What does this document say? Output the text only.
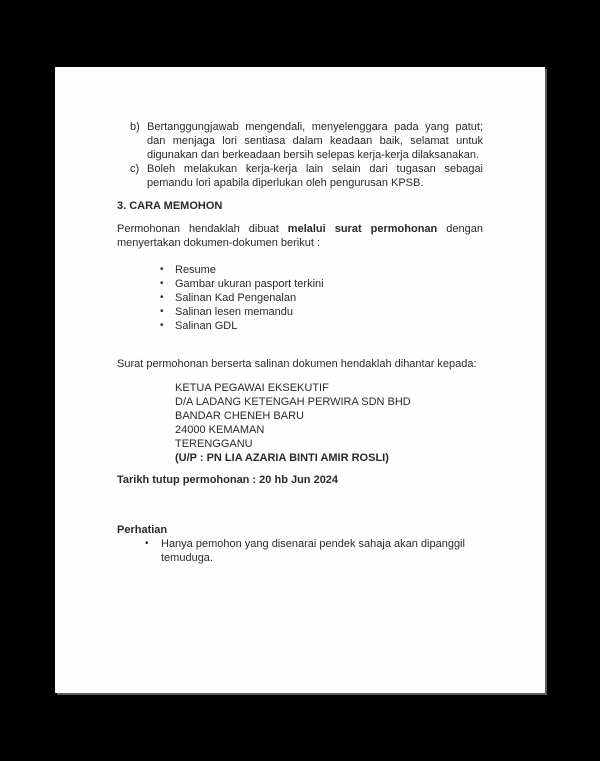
b) Bertanggungjawab mengendali, menyelenggara pada yang patut; dan menjaga lori sentiasa dalam keadaan baik, selamat untuk digunakan dan berkeadaan bersih selepas kerja-kerja dilaksanakan.
c) Boleh melakukan kerja-kerja lain selain dari tugasan sebagai pemandu lori apabila diperlukan oleh pengurusan KPSB.
3. CARA MEMOHON
Permohonan hendaklah dibuat melalui surat permohonan dengan menyertakan dokumen-dokumen berikut :
• Resume
• Gambar ukuran pasport terkini
• Salinan Kad Pengenalan
• Salinan lesen memandu
• Salinan GDL
Surat permohonan berserta salinan dokumen hendaklah dihantar kepada:
KETUA PEGAWAI EKSEKUTIF
D/A LADANG KETENGAH PERWIRA SDN BHD
BANDAR CHENEH BARU
24000 KEMAMAN
TERENGGANU
(U/P : PN LIA AZARIA BINTI AMIR ROSLI)
Tarikh tutup permohonan : 20 hb Jun 2024
Perhatian
• Hanya pemohon yang disenarai pendek sahaja akan dipanggil temuduga.
